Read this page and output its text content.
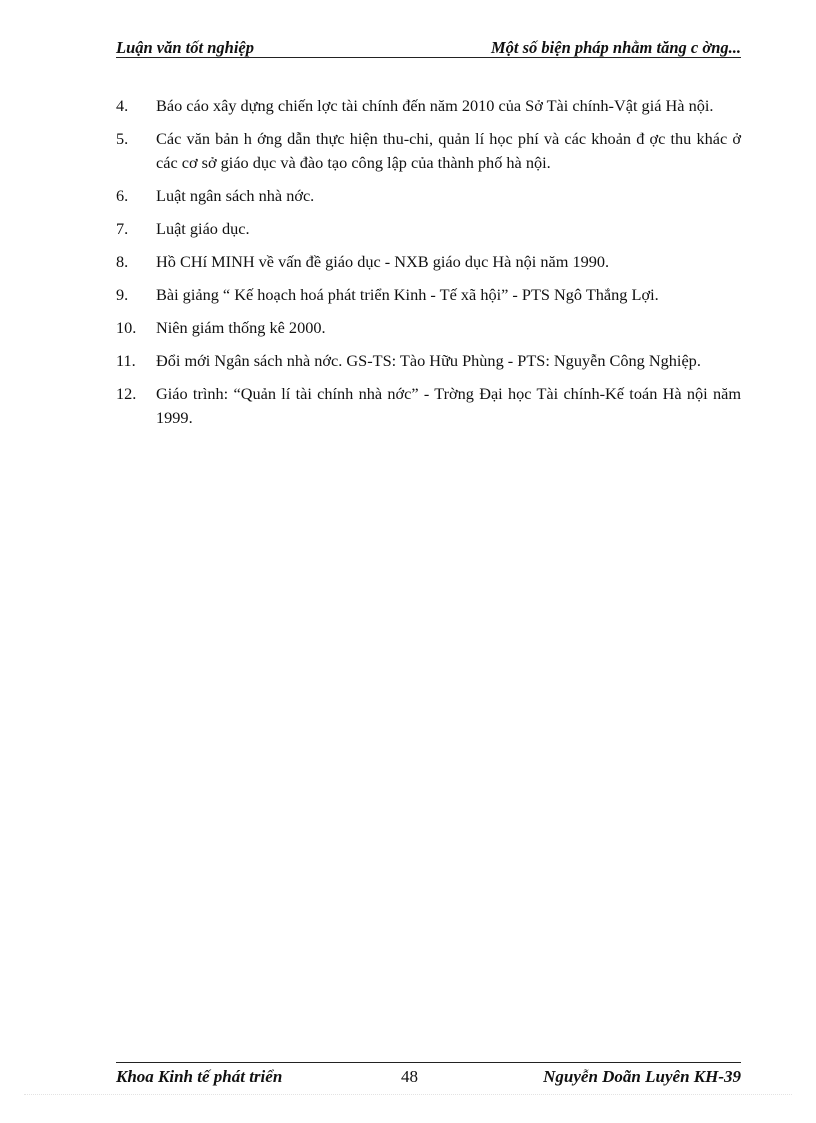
Luận văn tốt nghiệp	Một số biện pháp nhằm tăng c ờng...
4. Báo cáo xây dựng chiến lợc tài chính đến năm 2010 của Sở Tài chính-Vật giá Hà nội.
5. Các văn bản h ớng dẫn thực hiện thu-chi, quản lí học phí và các khoản đ ợc thu khác ở các cơ sở giáo dục và đào tạo công lập của thành phố hà nội.
6. Luật ngân sách nhà nớc.
7. Luật giáo dục.
8. Hồ CHí MINH về vấn đề giáo dục - NXB giáo dục Hà nội năm 1990.
9. Bài giảng “ Kế hoạch hoá phát triển Kinh - Tế xã hội” - PTS Ngô Thắng Lợi.
10. Niên giám thống kê 2000.
11. Đổi mới Ngân sách nhà nớc. GS-TS: Tào Hữu Phùng - PTS: Nguyễn Công Nghiệp.
12. Giáo trình: “Quản lí tài chính nhà nớc” - Trờng Đại học Tài chính-Kế toán Hà nội năm 1999.
Khoa Kinh tế phát triển	48	Nguyễn Doãn Luyên KH-39
